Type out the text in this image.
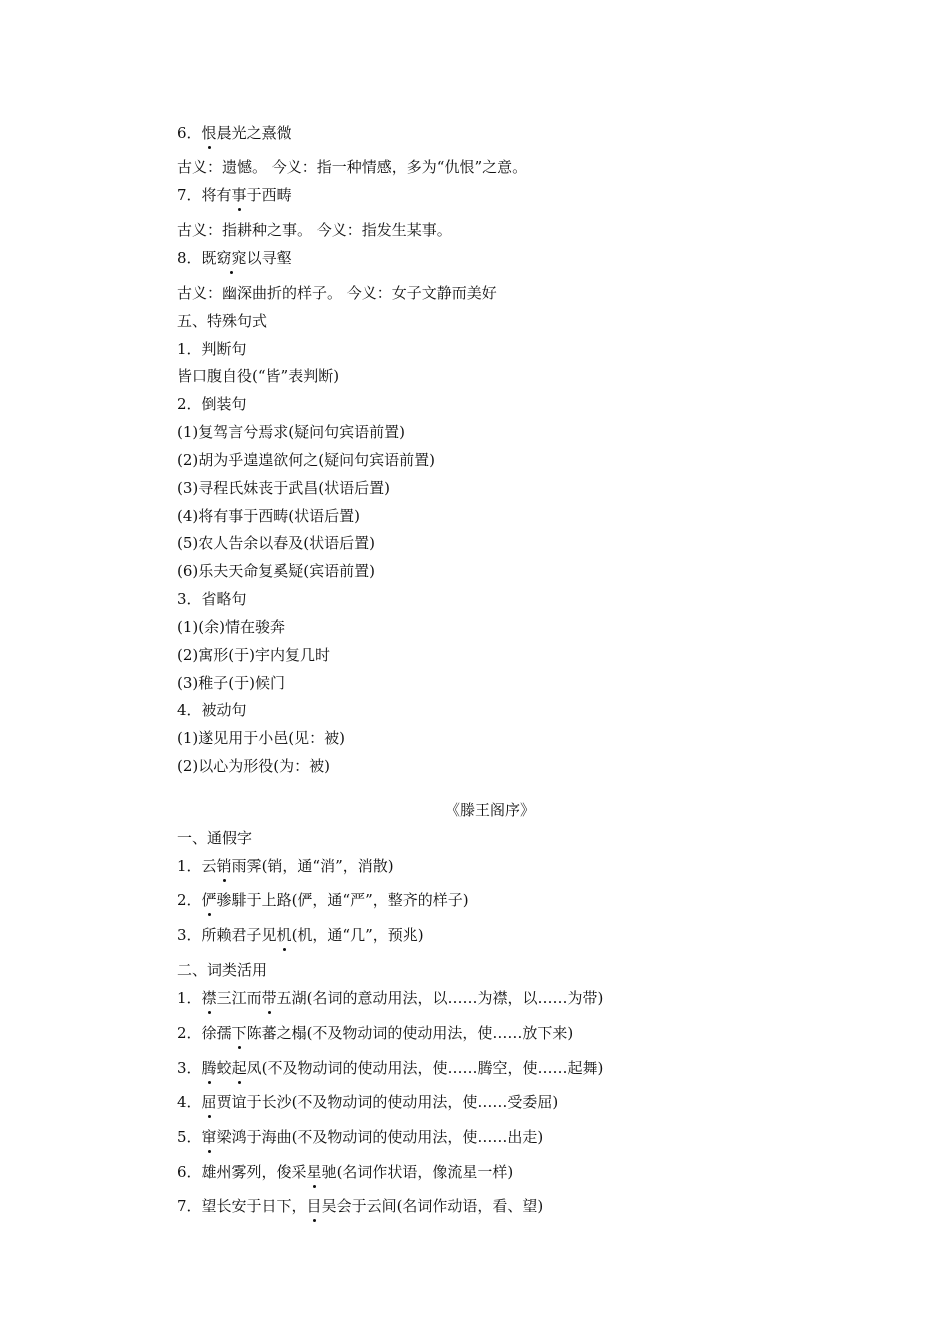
6．恨晨光之熹微
古义：遗憾。 今义：指一种情感，多为“仇恨”之意。
7．将有事于西畴
古义：指耕种之事。 今义：指发生某事。
8．既窈窕以寻壑
古义：幽深曲折的样子。 今义：女子文静而美好
五、特殊句式
1．判断句
皆口腹自役(“皆”表判断)
2．倒装句
(1)复驾言兮焉求(疑问句宾语前置)
(2)胡为乎遑遑欲何之(疑问句宾语前置)
(3)寻程氏妹丧于武昌(状语后置)
(4)将有事于西畴(状语后置)
(5)农人告余以春及(状语后置)
(6)乐夫天命复奚疑(宾语前置)
3．省略句
(1)(余)情在骏奔
(2)寓形(于)宇内复几时
(3)稚子(于)候门
4．被动句
(1)遂见用于小邑(见：被)
(2)以心为形役(为：被)
《滕王阁序》
一、通假字
1．云销雨霁(销，通“消”，消散)
2．俨骖騑于上路(俨，通“严”，整齐的样子)
3．所赖君子见机(机，通“几”，预兆)
二、词类活用
1．襟三江而带五湖(名词的意动用法，以……为襟，以……为带)
2．徐孺下陈蕃之榻(不及物动词的使动用法，使……放下来)
3．腾蛟起凤(不及物动词的使动用法，使……腾空，使……起舞)
4．屈贾谊于长沙(不及物动词的使动用法，使……受委屈)
5．窜梁鸿于海曲(不及物动词的使动用法，使……出走)
6．雄州雾列，俊采星驰(名词作状语，像流星一样)
7．望长安于日下，目吴会于云间(名词作动语，看、望)
